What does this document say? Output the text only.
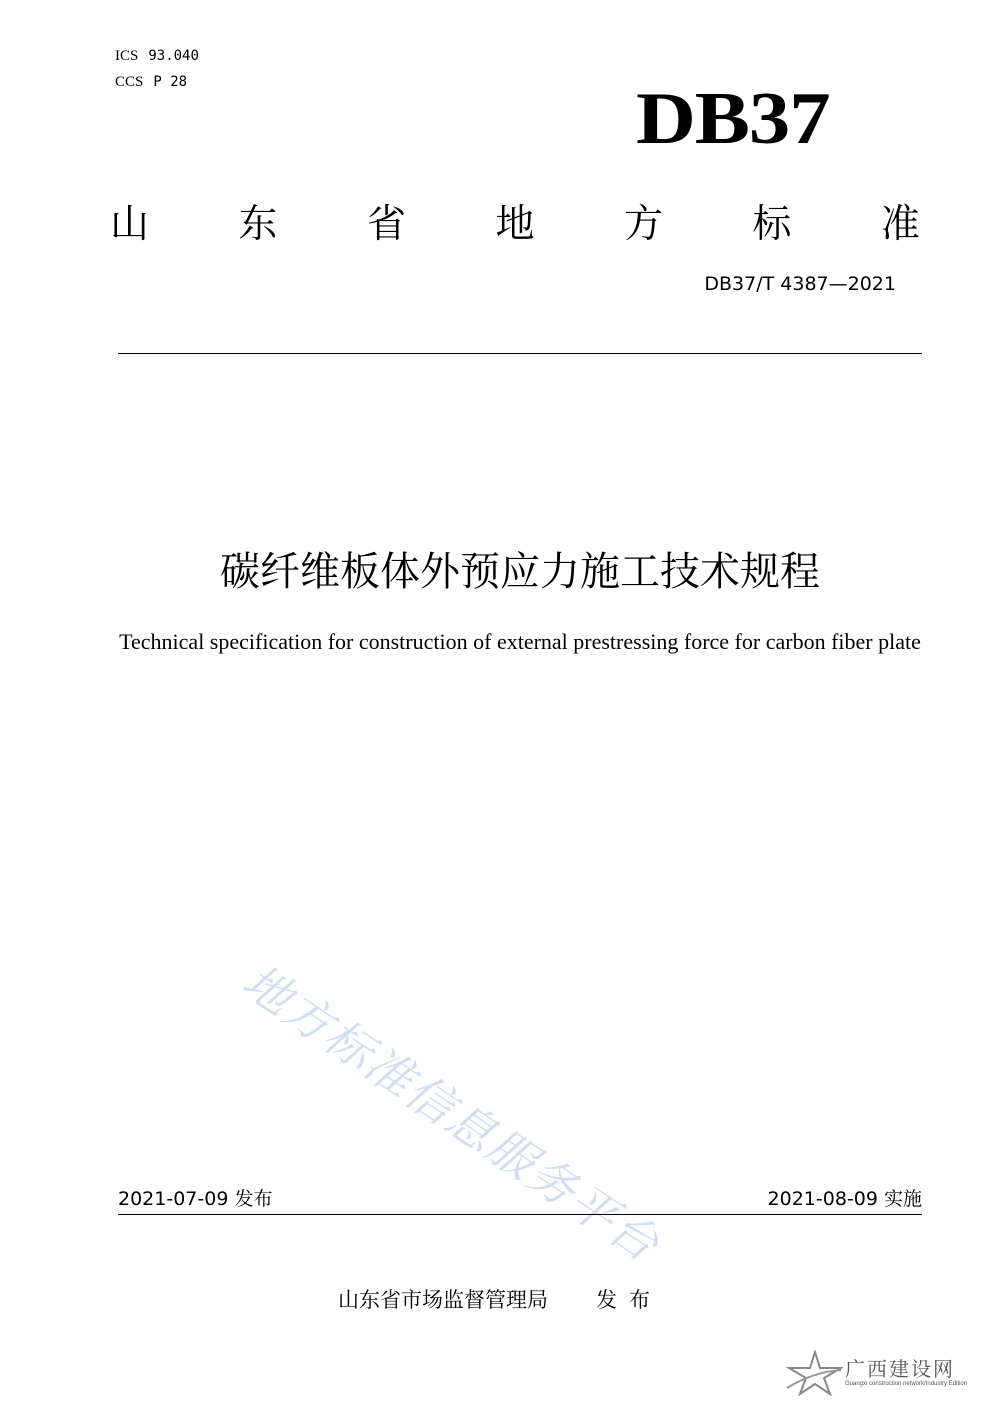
ICS 93.040
CCS P 28	DB37
山 东 省 地 方 标 准
DB37/T 4387—2021
碳纤维板体外预应力施工技术规程
Technical specification for construction of external prestressing force for carbon fiber plate
地方标准信息服务平台
2021-07-09 发布	2021-08-09 实施
山东省市场监督管理局 发布
广西建设网
Guangxi construction network/Industry Edition
